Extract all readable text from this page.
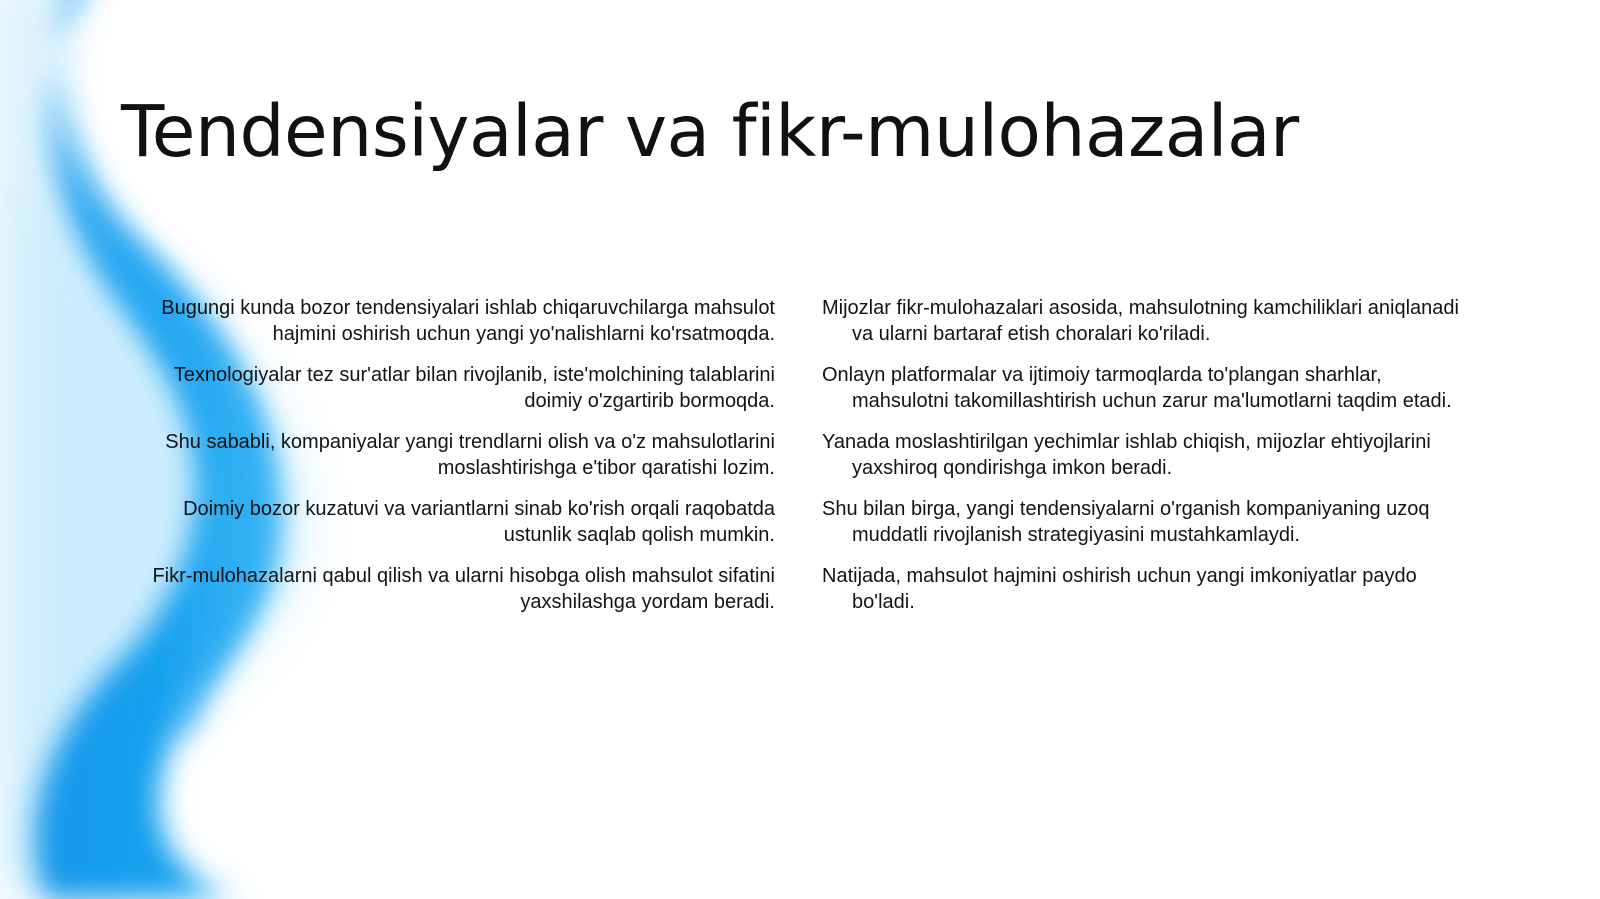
Tendensiyalar va fikr-mulohazalar

Bugungi kunda bozor tendensiyalari ishlab chiqaruvchilarga mahsulot hajmini oshirish uchun yangi yo'nalishlarni ko'rsatmoqda.

Texnologiyalar tez sur'atlar bilan rivojlanib, iste'molchining talablarini doimiy o'zgartirib bormoqda.

Shu sababli, kompaniyalar yangi trendlarni olish va o'z mahsulotlarini moslashtirishga e'tibor qaratishi lozim.

Doimiy bozor kuzatuvi va variantlarni sinab ko'rish orqali raqobatda ustunlik saqlab qolish mumkin.

Fikr-mulohazalarni qabul qilish va ularni hisobga olish mahsulot sifatini yaxshilashga yordam beradi.

Mijozlar fikr-mulohazalari asosida, mahsulotning kamchiliklari aniqlanadi va ularni bartaraf etish choralari ko'riladi.

Onlayn platformalar va ijtimoiy tarmoqlarda to'plangan sharhlar, mahsulotni takomillashtirish uchun zarur ma'lumotlarni taqdim etadi.

Yanada moslashtirilgan yechimlar ishlab chiqish, mijozlar ehtiyojlarini yaxshiroq qondirishga imkon beradi.

Shu bilan birga, yangi tendensiyalarni o'rganish kompaniyaning uzoq muddatli rivojlanish strategiyasini mustahkamlaydi.

Natijada, mahsulot hajmini oshirish uchun yangi imkoniyatlar paydo bo'ladi.
